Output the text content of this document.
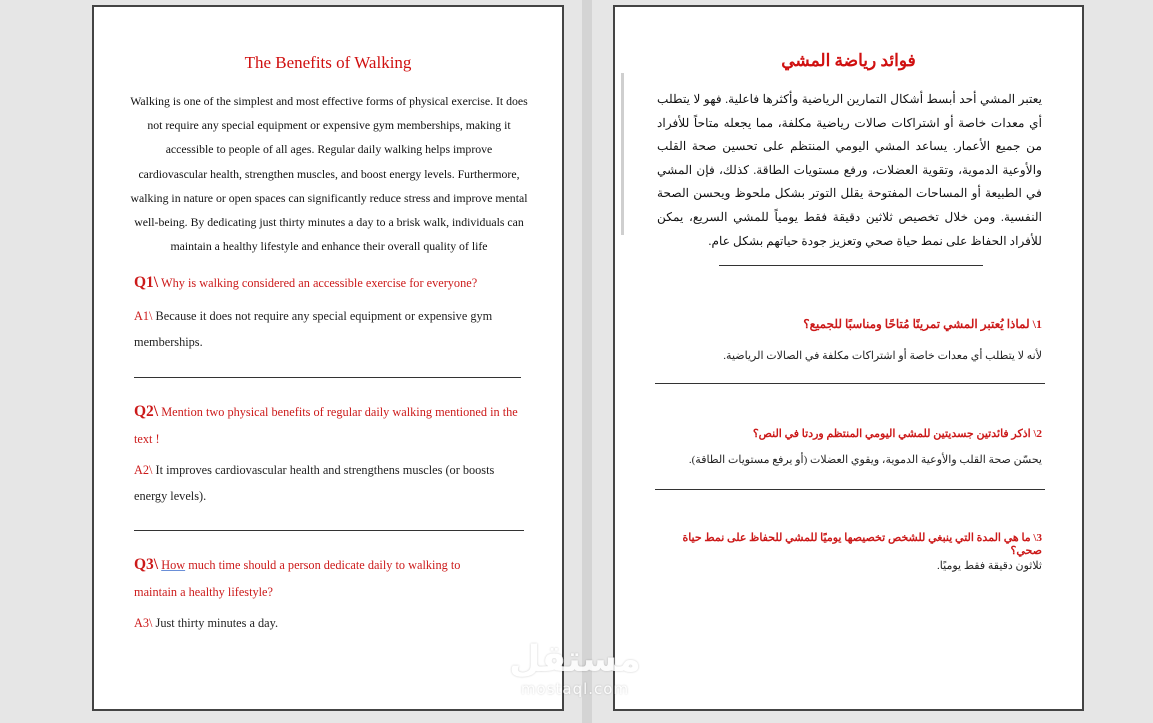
The Benefits of Walking

Walking is one of the simplest and most effective forms of physical exercise. It does not require any special equipment or expensive gym memberships, making it accessible to people of all ages. Regular daily walking helps improve cardiovascular health, strengthen muscles, and boost energy levels. Furthermore, walking in nature or open spaces can significantly reduce stress and improve mental well-being. By dedicating just thirty minutes a day to a brisk walk, individuals can maintain a healthy lifestyle and enhance their overall quality of life

Q1\ Why is walking considered an accessible exercise for everyone?

A1\ Because it does not require any special equipment or expensive gym memberships.

Q2\ Mention two physical benefits of regular daily walking mentioned in the text !

A2\ It improves cardiovascular health and strengthens muscles (or boosts energy levels).

Q3\ How much time should a person dedicate daily to walking to maintain a healthy lifestyle?

A3\ Just thirty minutes a day.

فوائد رياضة المشي

يعتبر المشي أحد أبسط أشكال التمارين الرياضية وأكثرها فاعلية. فهو لا يتطلب أي معدات خاصة أو اشتراكات صالات رياضية مكلفة، مما يجعله متاحاً للأفراد من جميع الأعمار. يساعد المشي اليومي المنتظم على تحسين صحة القلب والأوعية الدموية، وتقوية العضلات، ورفع مستويات الطاقة. كذلك، فإن المشي في الطبيعة أو المساحات المفتوحة يقلل التوتر بشكل ملحوظ ويحسن الصحة النفسية. ومن خلال تخصيص ثلاثين دقيقة فقط يومياً للمشي السريع، يمكن للأفراد الحفاظ على نمط حياة صحي وتعزيز جودة حياتهم بشكل عام.

1\ لماذا يُعتبر المشي تمرينًا مُتاحًا ومناسبًا للجميع؟

لأنه لا يتطلب أي معدات خاصة أو اشتراكات مكلفة في الصالات الرياضية.

2\ اذكر فائدتين جسديتين للمشي اليومي المنتظم وردتا في النص؟

يحسّن صحة القلب والأوعية الدموية، ويقوي العضلات (أو يرفع مستويات الطاقة).

3\ ما هي المدة التي ينبغي للشخص تخصيصها يوميًا للمشي للحفاظ على نمط حياة صحي؟

ثلاثون دقيقة فقط يوميًا.

مستقل
mostaql.com
